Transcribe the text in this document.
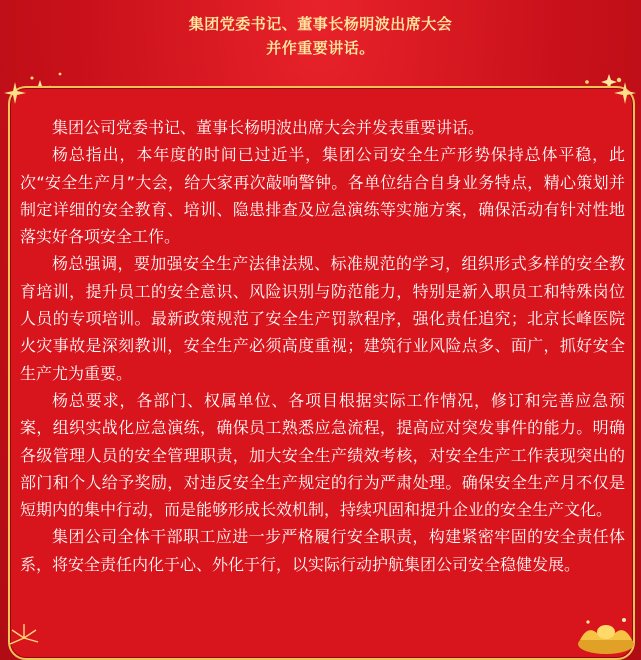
集团党委书记、董事长杨明波出席大会
并作重要讲话。

集团公司党委书记、董事长杨明波出席大会并发表重要讲话。

杨总指出，本年度的时间已过近半，集团公司安全生产形势保持总体平稳，此次“安全生产月”大会，给大家再次敲响警钟。各单位结合自身业务特点，精心策划并制定详细的安全教育、培训、隐患排查及应急演练等实施方案，确保活动有针对性地落实好各项安全工作。

杨总强调，要加强安全生产法律法规、标准规范的学习，组织形式多样的安全教育培训，提升员工的安全意识、风险识别与防范能力，特别是新入职员工和特殊岗位人员的专项培训。最新政策规范了安全生产罚款程序，强化责任追究；北京长峰医院火灾事故是深刻教训，安全生产必须高度重视；建筑行业风险点多、面广，抓好安全生产尤为重要。

杨总要求，各部门、权属单位、各项目根据实际工作情况，修订和完善应急预案，组织实战化应急演练，确保员工熟悉应急流程，提高应对突发事件的能力。明确各级管理人员的安全管理职责，加大安全生产绩效考核，对安全生产工作表现突出的部门和个人给予奖励，对违反安全生产规定的行为严肃处理。确保安全生产月不仅是短期内的集中行动，而是能够形成长效机制，持续巩固和提升企业的安全生产文化。

集团公司全体干部职工应进一步严格履行安全职责，构建紧密牢固的安全责任体系，将安全责任内化于心、外化于行，以实际行动护航集团公司安全稳健发展。
